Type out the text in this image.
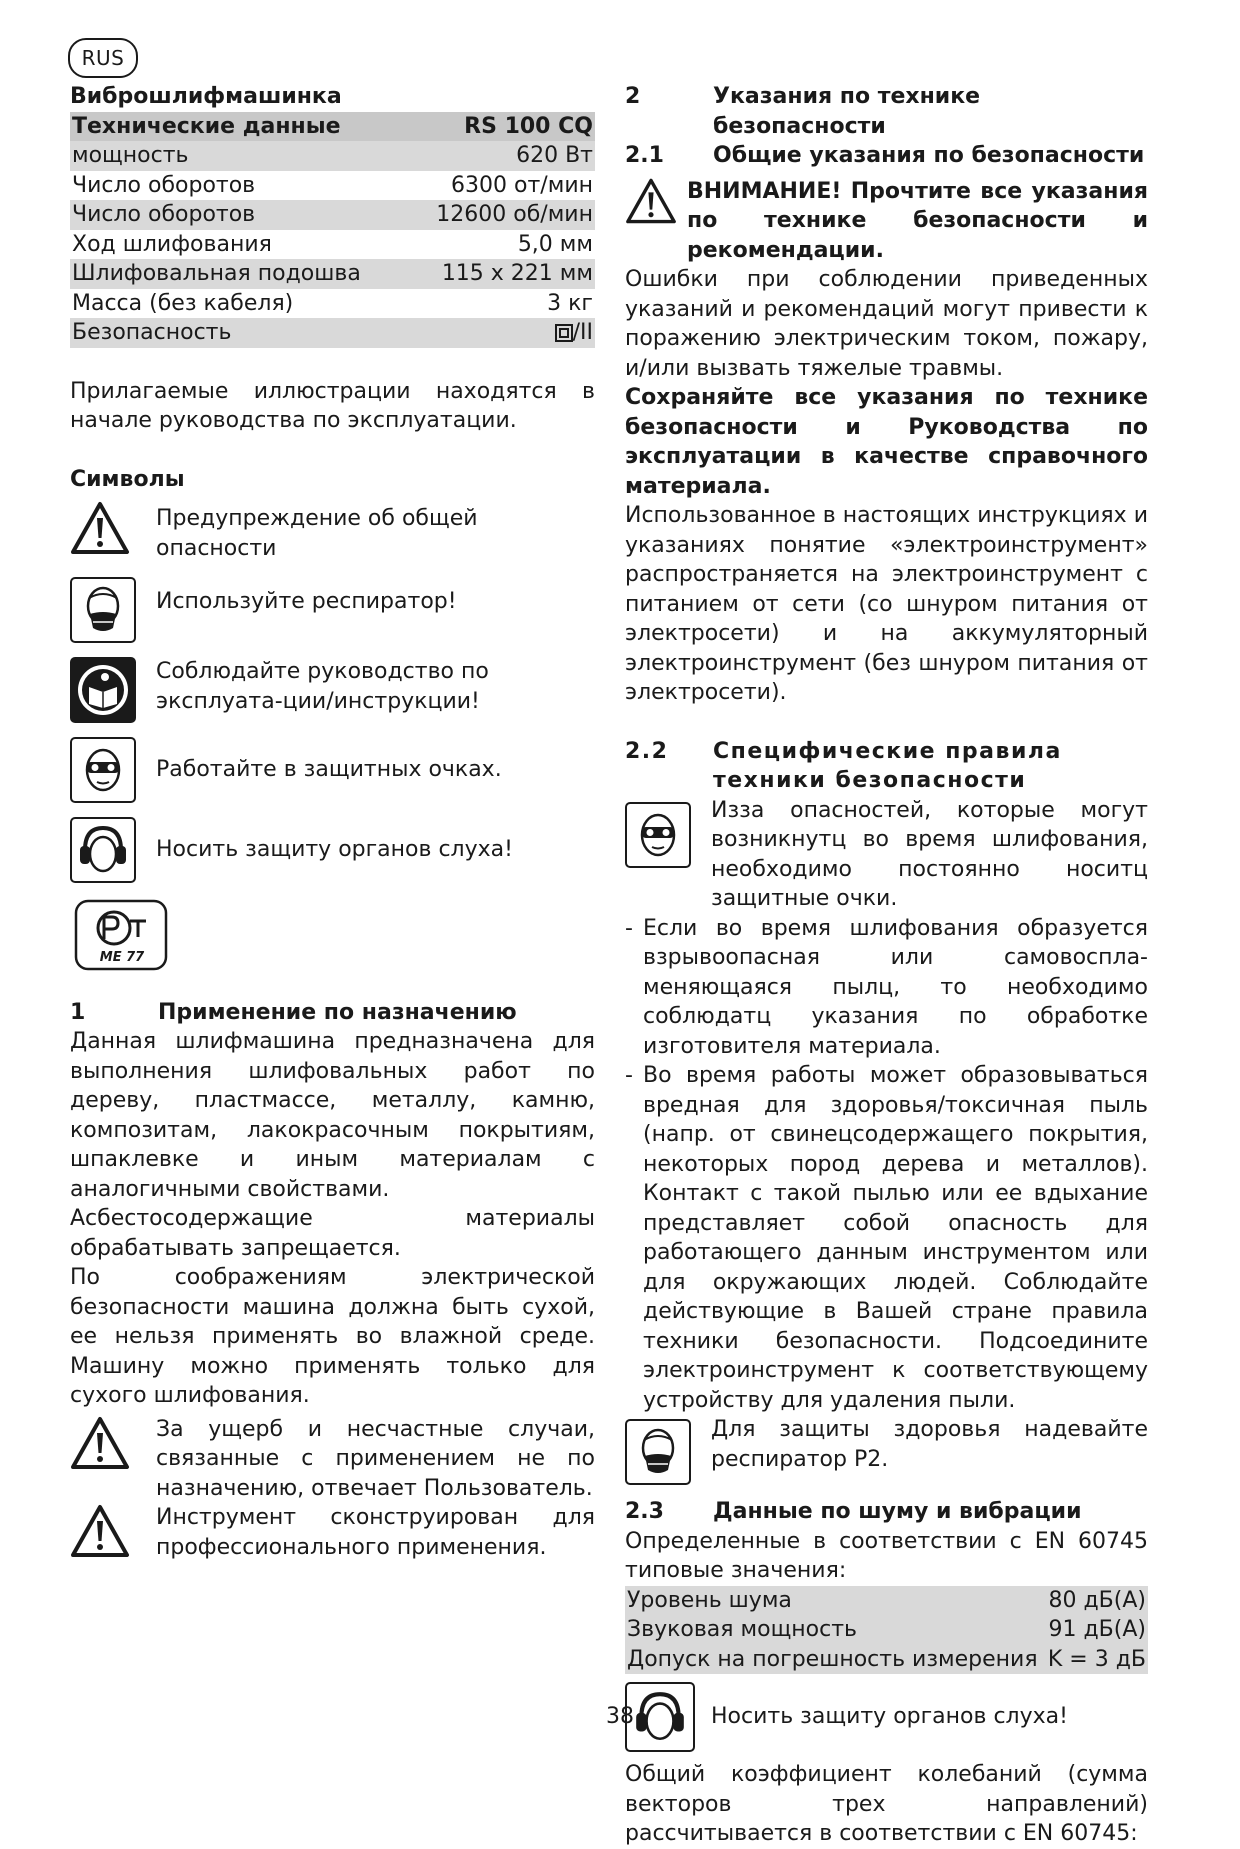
RUS
Виброшлифмашинка
Технические данные	RS 100 CQ
мощность	620 Вт
Число оборотов	6300 от/мин
Число оборотов	12600 об/мин
Ход шлифования	5,0 мм
Шлифовальная подошва	115 x 221 мм
Масса (без кабеля)	3 кг
Безопасность	/II

Прилагаемые иллюстрации находятся в начале руководства по эксплуатации.

Символы
Предупреждение об общей опасности
Используйте респиратор!
Соблюдайте руководство по эксплуата-ции/инструкции!
Работайте в защитных очках.
Носить защиту органов слуха!
ME 77
1	Применение по назначению

Данная шлифмашина предназначена для выполнения шлифовальных работ по дереву, пластмассе, металлу, камню, композитам, лакокрасочным покрытиям, шпаклевке и иным материалам с аналогичными свойствами.

Асбестосодержащие материалы обрабатывать запрещается.

По соображениям электрической безопасности машина должна быть сухой, ее нельзя применять во влажной среде. Машину можно применять только для сухого шлифования.

За ущерб и несчастные случаи, связанные с применением не по назначению, отвечает Пользователь.
Инструмент сконструирован для профессионального применения.
2	Указания по технике безопасности
2.1	Общие указания по безопасности
ВНИМАНИЕ! Прочтите все указания по технике безопасности и рекомендации.

Ошибки при соблюдении приведенных указаний и рекомендаций могут привести к поражению электрическим током, пожару, и/или вызвать тяжелые травмы.

Сохраняйте все указания по технике безопасности и Руководства по эксплуатации в качестве справочного материала.

Использованное в настоящих инструкциях и указаниях понятие «электроинструмент» распространяется на электроинструмент с питанием от сети (со шнуром питания от электросети) и на аккумуляторный электроинструмент (без шнуром питания от электросети).

2.2	Специфические правила техники безопасности
Изза опасностей, которые могут возникнутц во время шлифования, необходимо постоянно носитц защитные очки.
- Если во время шлифования образуется взрывоопасная или самовоспла-меняющаяся пылц, то необходимо соблюдатц указания по обработке изготовителя материала.
- Во время работы может образовываться вредная для здоровья/токсичная пыль (напр. от свинецсодержащего покрытия, некоторых пород дерева и металлов). Контакт с такой пылью или ее вдыхание представляет собой опасность для работающего данным инструментом или для окружающих людей. Соблюдайте действующие в Вашей стране правила техники безопасности. Подсоедините электроинструмент к соответствующему устройству для удаления пыли.
Для защиты здоровья надевайте респиратор P2.
2.3	Данные по шуму и вибрации

Определенные в соответствии с EN 60745 типовые значения:

Уровень шума	80 дБ(A)
Звуковая мощность	91 дБ(A)
Допуск на погрешность измерения	K = 3 дБ
Носить защиту органов слуха!

Общий коэффициент колебаний (сумма векторов трех направлений) рассчитывается в соответствии с EN 60745:

38
